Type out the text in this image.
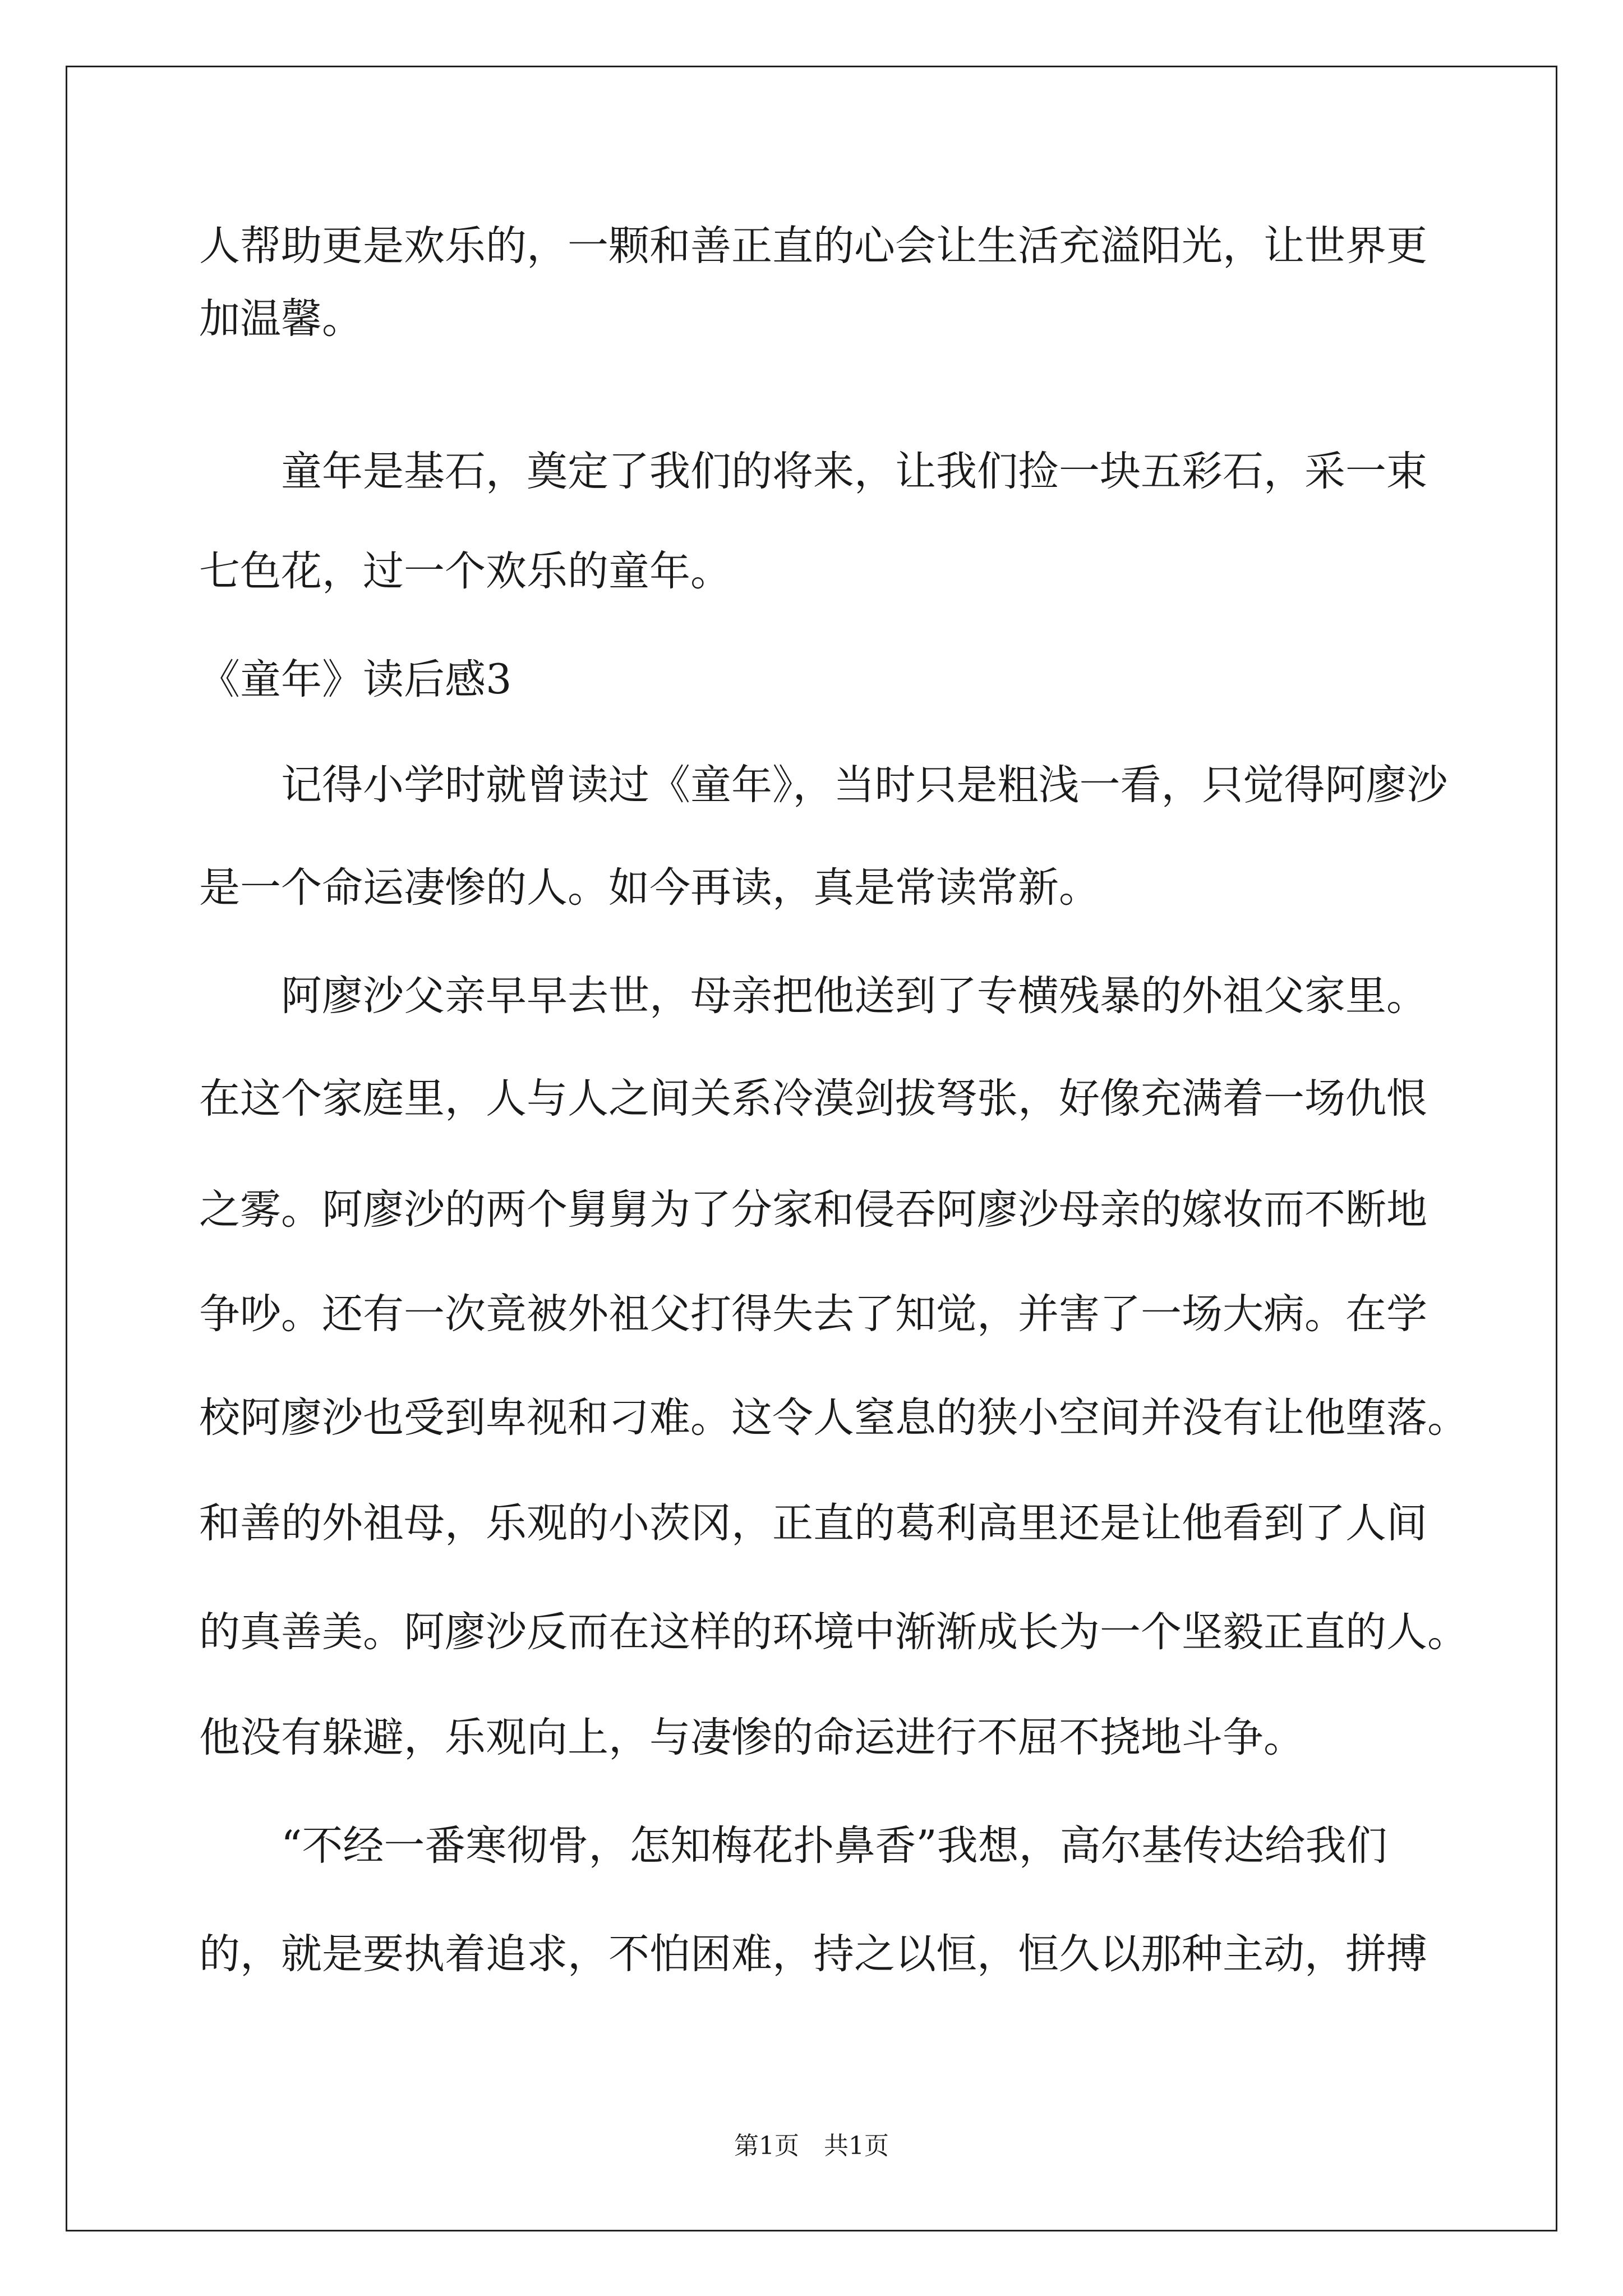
人帮助更是欢乐的，一颗和善正直的心会让生活充溢阳光，让世界更
加温馨。
童年是基石，奠定了我们的将来，让我们捡一块五彩石，采一束
七色花，过一个欢乐的童年。
《童年》读后感3
记得小学时就曾读过《童年》，当时只是粗浅一看，只觉得阿廖沙
是一个命运凄惨的人。如今再读，真是常读常新。
阿廖沙父亲早早去世，母亲把他送到了专横残暴的外祖父家里。
在这个家庭里，人与人之间关系冷漠剑拔弩张，好像充满着一场仇恨
之雾。阿廖沙的两个舅舅为了分家和侵吞阿廖沙母亲的嫁妆而不断地
争吵。还有一次竟被外祖父打得失去了知觉，并害了一场大病。在学
校阿廖沙也受到卑视和刁难。这令人窒息的狭小空间并没有让他堕落。
和善的外祖母，乐观的小茨冈，正直的葛利高里还是让他看到了人间
的真善美。阿廖沙反而在这样的环境中渐渐成长为一个坚毅正直的人。
他没有躲避，乐观向上，与凄惨的命运进行不屈不挠地斗争。
“不经一番寒彻骨，怎知梅花扑鼻香”我想，高尔基传达给我们
的，就是要执着追求，不怕困难，持之以恒，恒久以那种主动，拼搏
第1页 共1页
